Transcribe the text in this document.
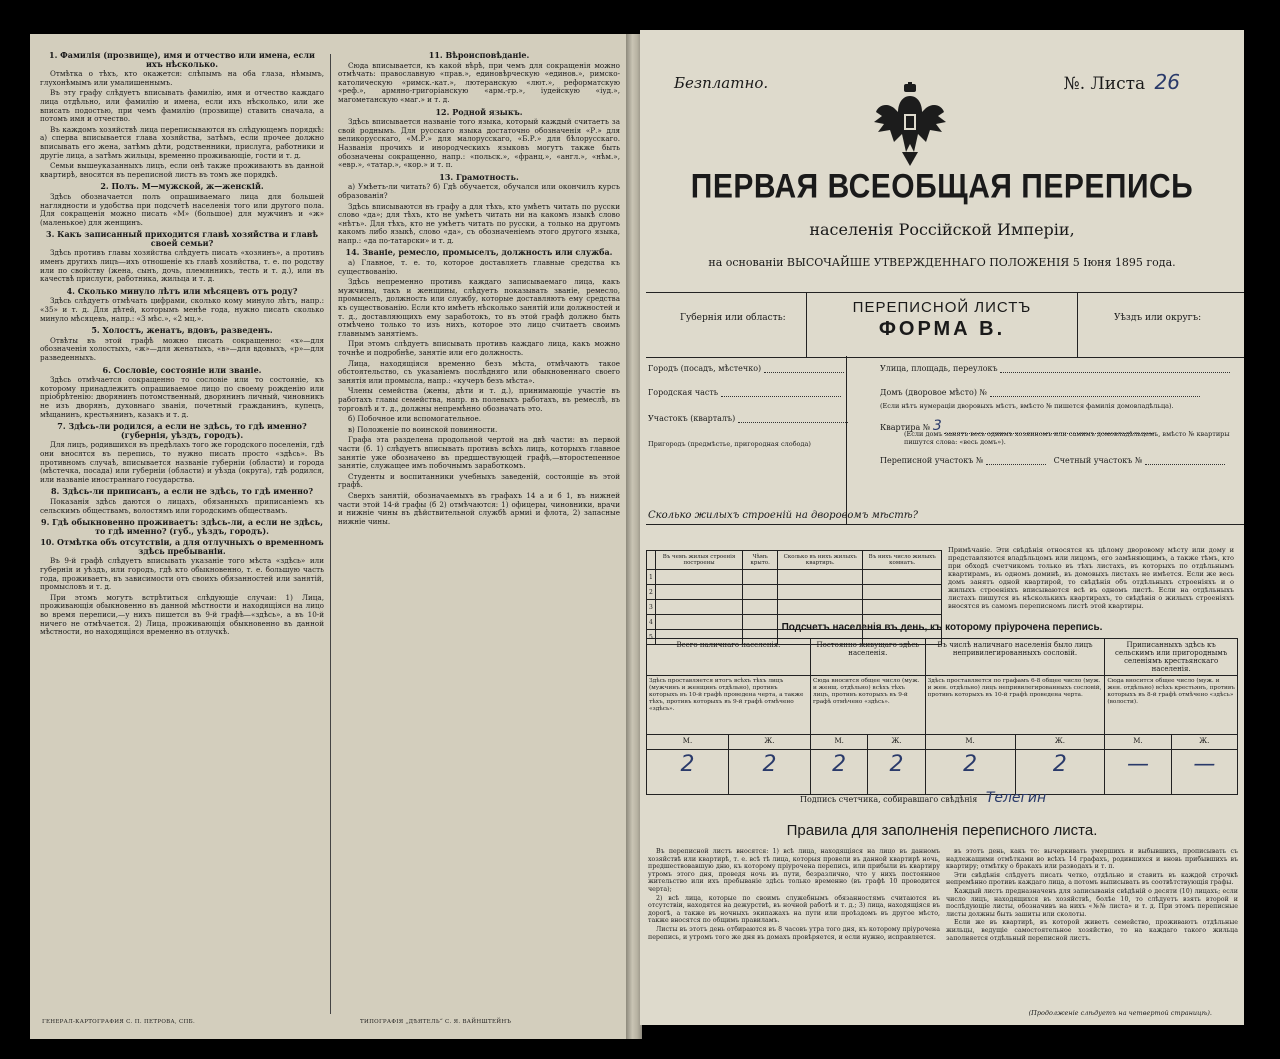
1. Фамилія (прозвище), имя и отчество или имена, если ихъ нѣсколько.

Отмѣтка о тѣхъ, кто окажется: слѣпымъ на оба глаза, нѣмымъ, глухонѣмымъ или умалишеннымъ.

Въ эту графу слѣдуетъ вписывать фамилію, имя и отчество каждаго лица отдѣльно, или фамилію и имена, если ихъ нѣсколько, или же вписать подостью, при чемъ фамилію (прозвище) ставить сначала, а потомъ имя и отчество.

Въ каждомъ хозяйствѣ лица переписываются въ слѣдующемъ порядкѣ: а) сперва вписывается глава хозяйства, затѣмъ, если прочее должно вписывать его жена, затѣмъ дѣти, родственники, прислуга, работники и другіе лица, а затѣмъ жильцы, временно проживающіе, гости и т. д.

Семьи вышеуказанныхъ лицъ, если онѣ также проживаютъ въ данной квартирѣ, вносятся въ переписной листъ въ томъ же порядкѣ.

2. Полъ. М—мужской, ж—женскій.

Здѣсь обозначается полъ опрашиваемаго лица для большей наглядности и удобства при подсчетѣ населенія того или другого пола. Для сокращенія можно писать «М» (большое) для мужчинъ и «ж» (маленькое) для женщинъ.

3. Какъ записанный приходится главѣ хозяйства и главѣ своей семьи?

Здѣсь противъ главы хозяйства слѣдуетъ писать «хозяинъ», а противъ именъ другихъ лицъ—ихъ отношеніе къ главѣ хозяйства, т. е. по родству или по свойству (жена, сынъ, дочь, племянникъ, тесть и т. д.), или въ качествѣ прислуги, работника, жильца и т. д.

4. Сколько минуло лѣтъ или мѣсяцевъ отъ роду?

Здѣсь слѣдуетъ отмѣчать цифрами, сколько кому минуло лѣтъ, напр.: «35» и т. д. Для дѣтей, которымъ менѣе года, нужно писать сколько минуло мѣсяцевъ, напр.: «3 мѣс.», «2 мц.».

5. Холостъ, женатъ, вдовъ, разведенъ.

Отвѣты въ этой графѣ можно писать сокращенно: «х»—для обозначенія холостыхъ, «ж»—для женатыхъ, «в»—для вдовыхъ, «р»—для разведенныхъ.

6. Сословіе, состояніе или званіе.

Здѣсь отмѣчается сокращенно то сословіе или то состояніе, къ которому принадлежитъ опрашиваемое лицо по своему рожденію или пріобрѣтенію: дворянинъ потомственный, дворянинъ личный, чиновникъ не изъ дворянъ, духовнаго званія, почетный гражданинъ, купецъ, мѣщанинъ, крестьянинъ, казакъ и т. д.

7. Здѣсь-ли родился, а если не здѣсь, то гдѣ именно? (губернія, уѣздъ, городъ).

Для лицъ, родившихся въ предѣлахъ того же городского поселенія, гдѣ они вносятся въ перепись, то нужно писать просто «здѣсь». Въ противномъ случаѣ, вписывается названіе губерніи (области) и города (мѣстечка, посада) или губерніи (области) и уѣзда (округа), гдѣ родился, или названіе иностраннаго государства.

8. Здѣсь-ли приписанъ, а если не здѣсь, то гдѣ именно?

Показанія здѣсь даются о лицахъ, обязанныхъ приписаніемъ къ сельскимъ обществамъ, волостямъ или городскимъ обществамъ.

9. Гдѣ обыкновенно проживаетъ: здѣсь-ли, а если не здѣсь, то гдѣ именно? (губ., уѣздъ, городъ).
10. Отмѣтка объ отсутствіи, а для отлучныхъ о временномъ здѣсь пребываніи.

Въ 9-й графѣ слѣдуетъ вписывать указаніе того мѣста «здѣсь» или губернія и уѣздъ, или городъ, гдѣ кто обыкновенно, т. е. большую часть года, проживаетъ, въ зависимости отъ своихъ обязанностей или занятій, промысловъ и т. д.

При этомъ могутъ встрѣтиться слѣдующіе случаи: 1) Лица, проживающія обыкновенно въ данной мѣстности и находящіяся на лицо во время переписи,—у нихъ пишется въ 9-й графѣ—«здѣсь», а въ 10-й ничего не отмѣчается. 2) Лица, проживающія обыкновенно въ данной мѣстности, но находящіяся временно въ отлучкѣ.

11. Вѣроисповѣданіе.

Сюда вписывается, къ какой вѣрѣ, при чемъ для сокращенія можно отмѣчать: православную «прав.», единовѣрческую «единов.», римско-католическую «римск.-кат.», лютеранскую «лют.», реформатскую «реф.», армяно-григоріанскую «арм.-гр.», іудейскую «іуд.», магометанскую «маг.» и т. д.

12. Родной языкъ.

Здѣсь вписывается названіе того языка, который каждый считаетъ за свой роднымъ. Для русскаго языка достаточно обозначенія «Р.» для великорусскаго, «М.Р.» для малорусскаго, «Б.Р.» для бѣлорусскаго. Названія прочихъ и инородческихъ языковъ могутъ также быть обозначены сокращенно, напр.: «польск.», «франц.», «англ.», «нѣм.», «евр.», «татар.», «кор.» и т. п.

13. Грамотность.

а) Умѣетъ-ли читать? б) Гдѣ обучается, обучался или окончилъ курсъ образованія?

Здѣсь вписываются въ графу а для тѣхъ, кто умѣетъ читать по русски слово «да»; для тѣхъ, кто не умѣетъ читать ни на какомъ языкѣ слово «нѣтъ». Для тѣхъ, кто не умѣетъ читать по русски, а только на другомъ какомъ либо языкѣ, слово «да», съ обозначеніемъ этого другого языка, напр.: «да по-татарски» и т. д.

14. Званіе, ремесло, промыселъ, должность или служба.

а) Главное, т. е. то, которое доставляетъ главные средства къ существованію.

Здѣсь непременно противъ каждаго записываемаго лица, какъ мужчины, такъ и женщины, слѣдуетъ показывать званіе, ремесло, промыселъ, должность или службу, которые доставляютъ ему средства къ существованію. Если кто имѣетъ нѣсколько занятій или должностей и т. д., доставляющихъ ему заработокъ, то въ этой графѣ должно быть отмѣчено только то изъ нихъ, которое это лицо считаетъ своимъ главнымъ занятіемъ.

При этомъ слѣдуетъ вписывать противъ каждаго лица, какъ можно точнѣе и подробнѣе, занятіе или его должность.

Лица, находящіяся временно безъ мѣста, отмѣчаютъ такое обстоятельство, съ указаніемъ послѣдняго или обыкновеннаго своего занятія или промысла, напр.: «кучеръ безъ мѣста».

Члены семейства (жены, дѣти и т. д.), принимающіе участіе въ работахъ главы семейства, напр. въ полевыхъ работахъ, въ ремеслѣ, въ торговлѣ и т. д., должны непремѣнно обозначать это.

б) Побочное или вспомогательное.

в) Положеніе по воинской повинности.

Графа эта разделена продольной чертой на двѣ части: въ первой части (б. 1) слѣдуетъ вписывать противъ всѣхъ лицъ, которыхъ главное занятіе уже обозначено въ предшествующей графѣ,—второстепенное занятіе, служащее имъ побочнымъ заработкомъ.

Студенты и воспитанники учебныхъ заведеній, состоящіе въ этой графѣ.

Сверхъ занятій, обозначаемыхъ въ графахъ 14 а и б 1, въ нижней части этой 14-й графы (б 2) отмѣчаются: 1) офицеры, чиновники, врачи и нижніе чины въ дѣйствительной службѣ армиі и флота, 2) запасные нижніе чины.

ГЕНЕРАЛ-КАРТОГРАФИЯ С. П. ПЕТРОВА, СПБ.	ТИПОГРАФІЯ „ДѢЯТЕЛЬ“ С. Я. ВАЙНШТЕЙНЪ
Безплатно.	№. Листа 26
ПЕРВАЯ ВСЕОБЩАЯ ПЕРЕПИСЬ
населенія Россійской Имперіи,
на основаніи ВЫСОЧАЙШЕ УТВЕРЖДЕННАГО ПОЛОЖЕНІЯ 5 Іюня 1895 года.
Губернія или область:
ПЕРЕПИСНОЙ ЛИСТЪ
ФОРМА В.	Уѣздъ или округъ:
Городъ (посадъ, мѣстечко)
Городская часть
Участокъ (кварталъ)
Пригородъ (предмѣстье, пригородная слобода)
Улица, площадь, переулокъ
Домъ (дворовое мѣсто) №
(Если нѣтъ нумераціи дворовыхъ мѣстъ, вмѣсто № пишется фамилія домовладѣльца).
Квартира № 3
(Если домъ занятъ весь однимъ хозяиномъ или самимъ домовладѣльцемъ, вмѣсто № квартиры пишутся слова: «весь домъ»).
Переписной участокъ №	Счетный участокъ №
Сколько жилыхъ строеній на дворовомъ мѣстѣ?
	Въ чемъ жилыя строенія построены	Чѣмъ крыто.	Сколько въ нихъ жилыхъ квартиръ.	Въ нихъ число жилыхъ комнатъ.
1				
2				
3				
4				
5				
Примѣчаніе. Эти свѣдѣнія относятся къ цѣлому дворовому мѣсту или дому и представляются владѣльцомъ или лицомъ, его замѣняющимъ, а также тѣмъ, кто при обходѣ счетчикомъ только въ тѣхъ листахъ, въ которыхъ по отдѣльнымъ квартирамъ, въ одномъ доминѣ, въ домовыхъ листахъ не имѣется. Если же весь домъ занятъ одной квартирой, то свѣдѣнія объ отдѣльныхъ строеніяхъ и о жилыхъ строеніяхъ вписываются всѣ въ одномъ листѣ. Если на отдѣльныхъ листахъ пишутся въ нѣсколькихъ квартирахъ, то свѣдѣнія о жилыхъ строеніяхъ вносятся въ самомъ переписномъ листѣ этой квартиры.
Подсчетъ населенія въ день, къ которому пріурочена перепись.
Всего наличнаго населенія.		Постоянно живущаго здѣсь населенія.		Въ числѣ наличнаго населенія было лицъ непривилегированныхъ сословій.		Приписанныхъ здѣсь къ сельскимъ или пригороднымъ селеніямъ крестьянскаго населенія.	
Здѣсь проставляется итогъ всѣхъ тѣхъ лицъ (мужчинъ и женщинъ отдѣльно), противъ которыхъ въ 10-й графѣ проведена черта, а также тѣхъ, противъ которыхъ въ 9-й графѣ отмѣчено «здѣсь».		Сюда вносится общее число (муж. и женщ. отдѣльно) всѣхъ тѣхъ лицъ, противъ которыхъ въ 9-й графѣ отмѣчено «здѣсь».		Здѣсь проставляется по графамъ 6-8 общее число (муж. и жен. отдѣльно) лицъ непривилегированныхъ сословій, противъ которыхъ въ 10-й графѣ проведена черта.		Сюда вносится общее число (муж. и жен. отдѣльно) всѣхъ крестьянъ, противъ которыхъ въ 8-й графѣ отмѣчено «здѣсь» (волости).	
М.	Ж.	М.	Ж.	М.	Ж.	М.	Ж.
2	2	2	2	2	2	—	—
Подпись счетчика, собиравшаго свѣдѣнія Телегин
Правила для заполненія переписного листа.

Въ переписной листъ вносятся: 1) всѣ лица, находящіяся на лицо въ данномъ хозяйствѣ или квартирѣ, т. е. всѣ тѣ лица, которыя провели въ данной квартирѣ ночь, предшествовавшую дню, къ которому пріурочена перепись, или прибыли въ квартиру утромъ этого дня, проведя ночь въ пути, безразлично, что у нихъ постоянное жительство или ихъ пребываніе здѣсь только временно (въ графѣ 10 проводится черта);

2) всѣ лица, которые по своимъ служебнымъ обязанностямъ считаются въ отсутствіи, находятся на дежурствѣ, въ ночной работѣ и т. д.; 3) лица, находящіяся въ дорогѣ, а также въ ночныхъ экипажахъ на пути или проѣздомъ въ другое мѣсто, также вносятся по общимъ правиламъ.

Листы въ этотъ день отбираются въ 8 часовъ утра того дня, къ которому пріурочена перепись, и утромъ того же дня въ домахъ провѣряется, и если нужно, исправляется.

въ этотъ день, какъ то: вычеркивать умершихъ и выбывшихъ, прописывать съ надлежащими отмѣтками во всѣхъ 14 графахъ, родившихся и вновь прибывшихъ въ квартиру; отмѣтку о бракахъ или разводахъ и т. п.

Эти свѣдѣнія слѣдуетъ писать четко, отдѣльно и ставить въ каждой строчкѣ непремѣнно противъ каждаго лица, а потомъ выписывать въ соотвѣтствующія графы.

Каждый листъ предназначенъ для записыванія свѣдѣній о десяти (10) лицахъ; если число лицъ, находящихся въ хозяйствѣ, болѣе 10, то слѣдуетъ взять второй и послѣдующіе листы, обозначивъ на нихъ «№№ листа» и т. д. При этомъ переписные листы должны быть зашиты или сколоты.

Если же въ квартирѣ, въ которой живетъ семейство, проживаютъ отдѣльные жильцы, ведущіе самостоятельное хозяйство, то на каждаго такого жильца заполняется отдѣльный переписной листъ.

(Продолженіе слѣдуетъ на четвертой страницѣ).
